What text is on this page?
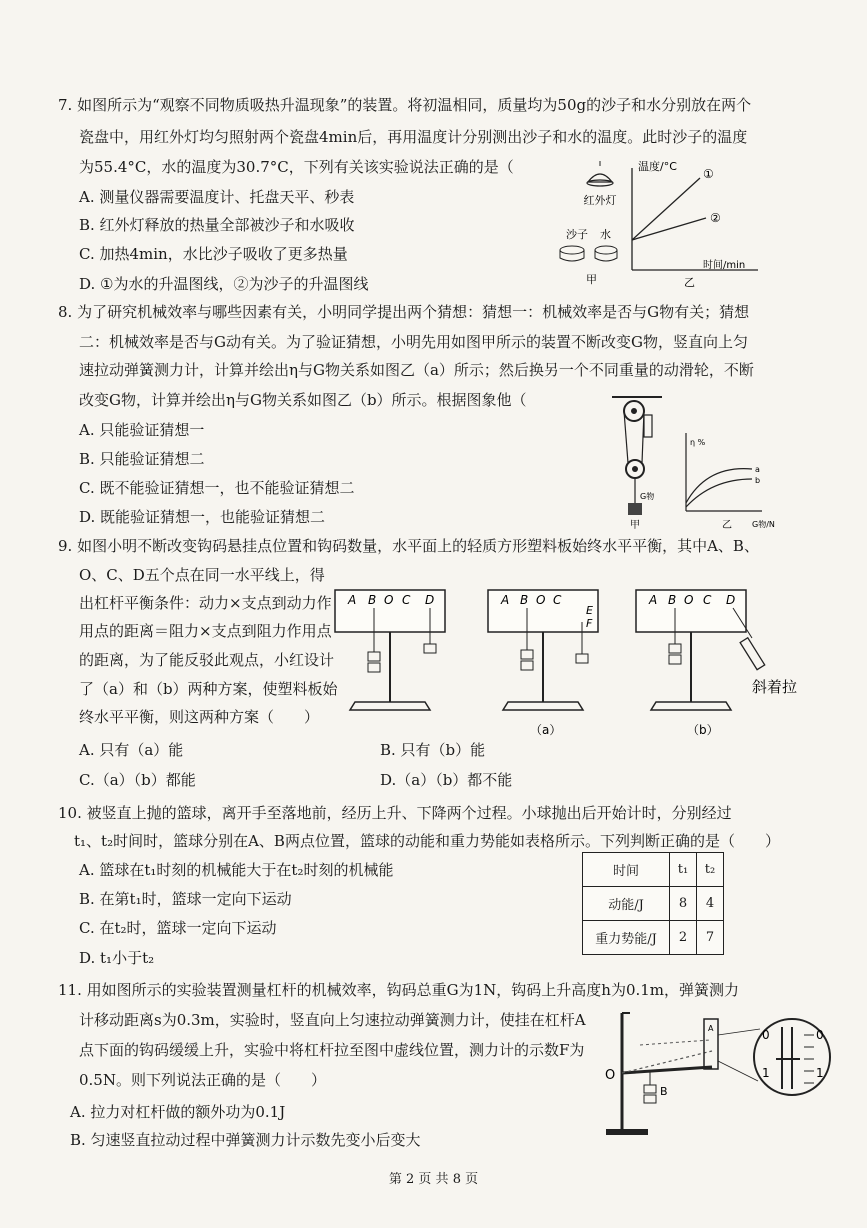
7. 如图所示为“观察不同物质吸热升温现象”的装置。将初温相同，质量均为50g的沙子和水分别放在两个
瓷盘中，用红外灯均匀照射两个瓷盘4min后，再用温度计分别测出沙子和水的温度。此时沙子的温度
为55.4°C，水的温度为30.7°C，下列有关该实验说法正确的是（
A. 测量仪器需要温度计、托盘天平、秒表
B. 红外灯释放的热量全部被沙子和水吸收
C. 加热4min，水比沙子吸收了更多热量
D. ①为水的升温图线，②为沙子的升温图线
红外灯
沙子 水
甲
温度/°C
时间/min
①
②
乙
8. 为了研究机械效率与哪些因素有关，小明同学提出两个猜想：猜想一：机械效率是否与G物有关；猜想
二：机械效率是否与G动有关。为了验证猜想，小明先用如图甲所示的装置不断改变G物，竖直向上匀
速拉动弹簧测力计，计算并绘出η与G物关系如图乙（a）所示；然后换另一个不同重量的动滑轮，不断
改变G物，计算并绘出η与G物关系如图乙（b）所示。根据图象他（
A. 只能验证猜想一
B. 只能验证猜想二
C. 既不能验证猜想一，也不能验证猜想二
D. 既能验证猜想一，也能验证猜想二
G物
甲
η %
a
b
乙	G物/N
9. 如图小明不断改变钩码悬挂点位置和钩码数量，水平面上的轻质方形塑料板始终水平平衡，其中A、B、
O、C、D五个点在同一水平线上，得
出杠杆平衡条件：动力×支点到动力作
用点的距离＝阻力×支点到阻力作用点
的距离，为了能反驳此观点，小红设计
了（a）和（b）两种方案，使塑料板始
终水平平衡，则这两种方案（　　）
A. 只有（a）能	B. 只有（b）能
C.（a）（b）都能	D.（a）（b）都不能
A B O C D	A B O C
E
F
（a）
A B O C D
（b）
斜着拉
10. 被竖直上抛的篮球，离开手至落地前，经历上升、下降两个过程。小球抛出后开始计时，分别经过
t₁、t₂时间时，篮球分别在A、B两点位置，篮球的动能和重力势能如表格所示。下列判断正确的是（　　）
A. 篮球在t₁时刻的机械能大于在t₂时刻的机械能
B. 在第t₁时，篮球一定向下运动
C. 在t₂时，篮球一定向下运动
D. t₁小于t₂
时间	t₁	t₂
动能/J	8	4
重力势能/J	2	7
11. 用如图所示的实验装置测量杠杆的机械效率，钩码总重G为1N，钩码上升高度h为0.1m，弹簧测力
计移动距离s为0.3m，实验时，竖直向上匀速拉动弹簧测力计，使挂在杠杆A
点下面的钩码缓缓上升，实验中将杠杆拉至图中虚线位置，测力计的示数F为
0.5N。则下列说法正确的是（　　）
A. 拉力对杠杆做的额外功为0.1J
B. 匀速竖直拉动过程中弹簧测力计示数先变小后变大
O
B
A	0
1
0
1
第 2 页 共 8 页
